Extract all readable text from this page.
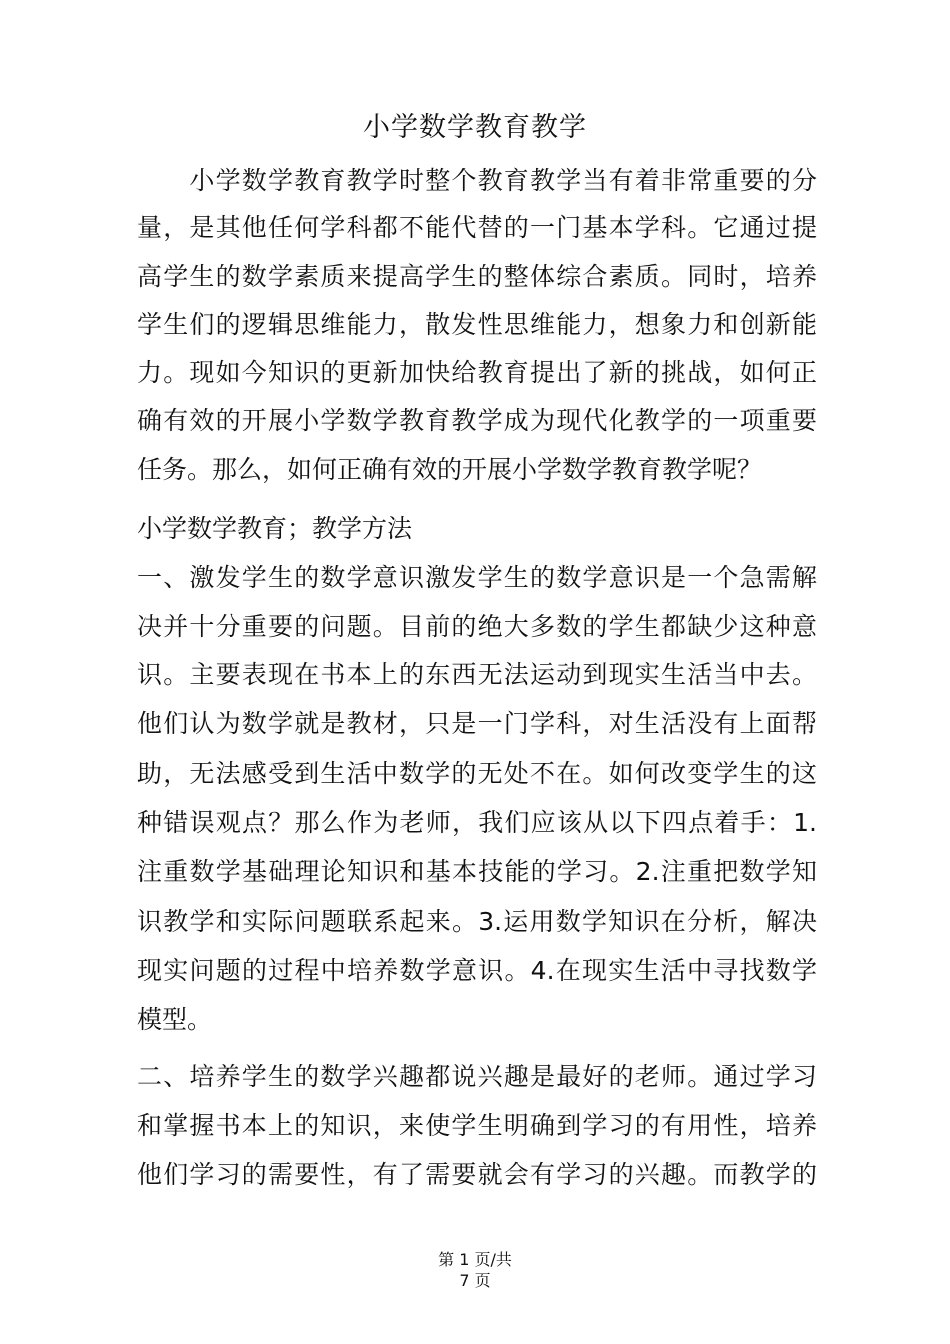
小学数学教育教学
　　小学数学教育教学时整个教育教学当有着非常重要的分
量，是其他任何学科都不能代替的一门基本学科。它通过提
高学生的数学素质来提高学生的整体综合素质。同时，培养
学生们的逻辑思维能力，散发性思维能力，想象力和创新能
力。现如今知识的更新加快给教育提出了新的挑战，如何正
确有效的开展小学数学教育教学成为现代化教学的一项重要
任务。那么，如何正确有效的开展小学数学教育教学呢？
小学数学教育；教学方法
一、激发学生的数学意识激发学生的数学意识是一个急需解
决并十分重要的问题。目前的绝大多数的学生都缺少这种意
识。主要表现在书本上的东西无法运动到现实生活当中去。
他们认为数学就是教材，只是一门学科，对生活没有上面帮
助，无法感受到生活中数学的无处不在。如何改变学生的这
种错误观点？那么作为老师，我们应该从以下四点着手：1.
注重数学基础理论知识和基本技能的学习。2.注重把数学知
识教学和实际问题联系起来。3.运用数学知识在分析，解决
现实问题的过程中培养数学意识。4.在现实生活中寻找数学
模型。
二、培养学生的数学兴趣都说兴趣是最好的老师。通过学习
和掌握书本上的知识，来使学生明确到学习的有用性，培养
他们学习的需要性，有了需要就会有学习的兴趣。而教学的
第 1 页/共
7 页
